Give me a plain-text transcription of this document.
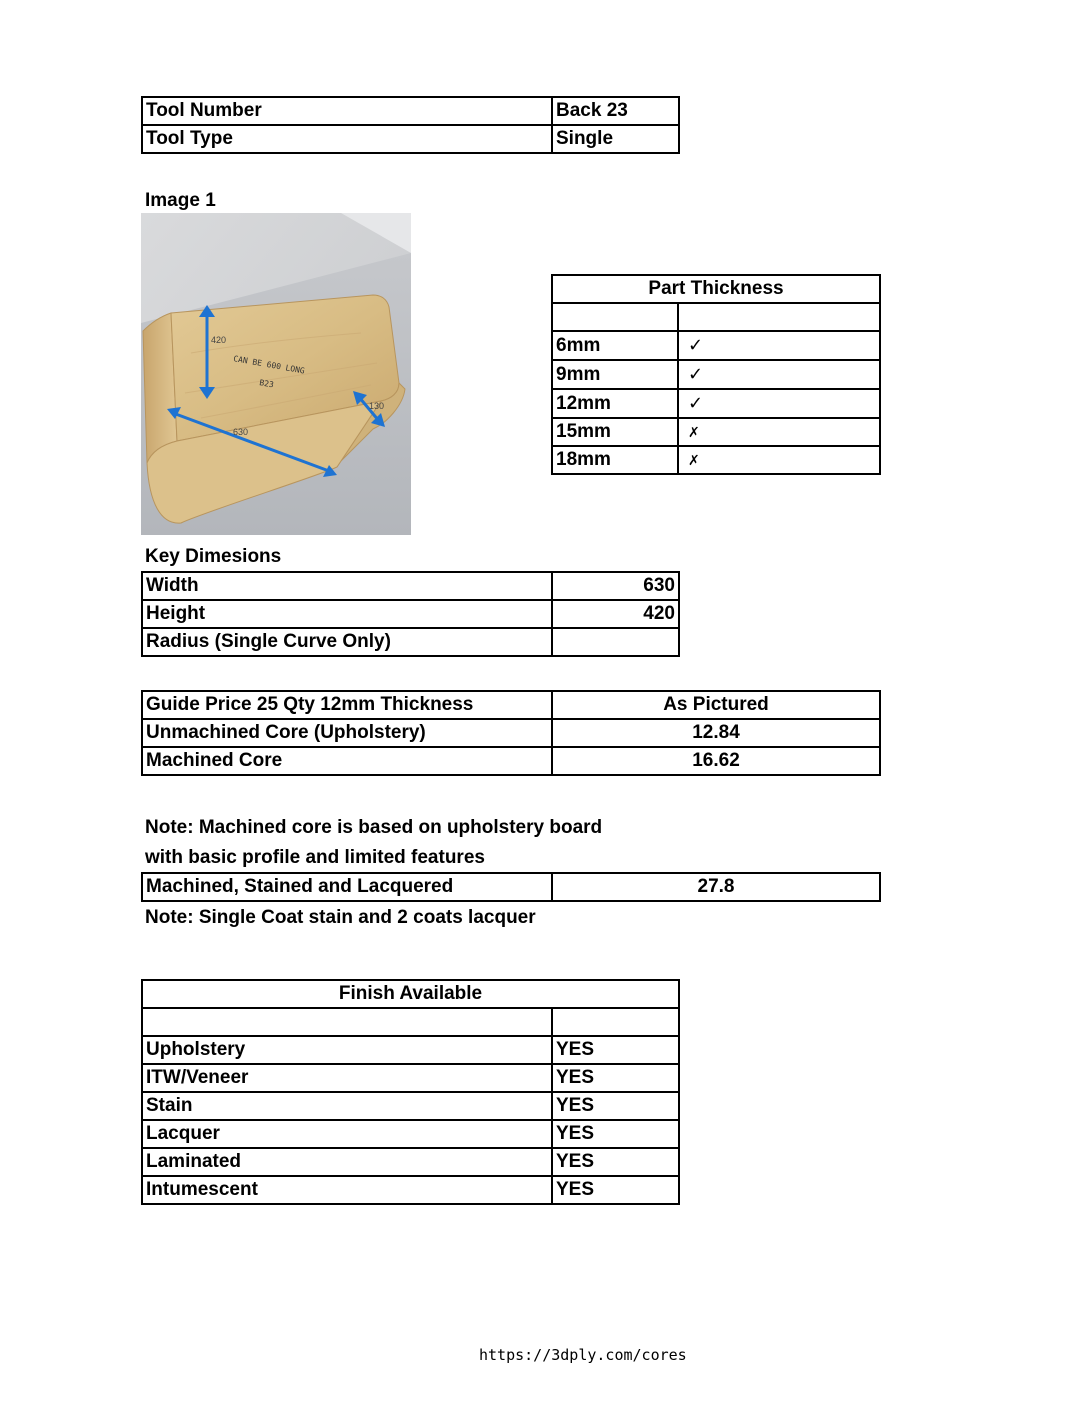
Tool Number	Back 23
Tool Type	Single
Image 1
420
630
130
CAN BE 600 LONG
B23
Part Thickness	

6mm	✓
9mm	✓
12mm	✓
15mm	✗
18mm	✗
Key Dimesions
Width	630
Height	420
Radius (Single Curve Only)	
Guide Price 25 Qty 12mm Thickness	As Pictured
Unmachined Core (Upholstery)	12.84
Machined Core	16.62
Note: Machined core is based on upholstery board
with basic profile and limited features
Machined, Stained and Lacquered	27.8
Note: Single Coat stain and 2 coats lacquer
Finish Available	

Upholstery	YES
ITW/Veneer	YES
Stain	YES
Lacquer	YES
Laminated	YES
Intumescent	YES
https://3dply.com/cores
